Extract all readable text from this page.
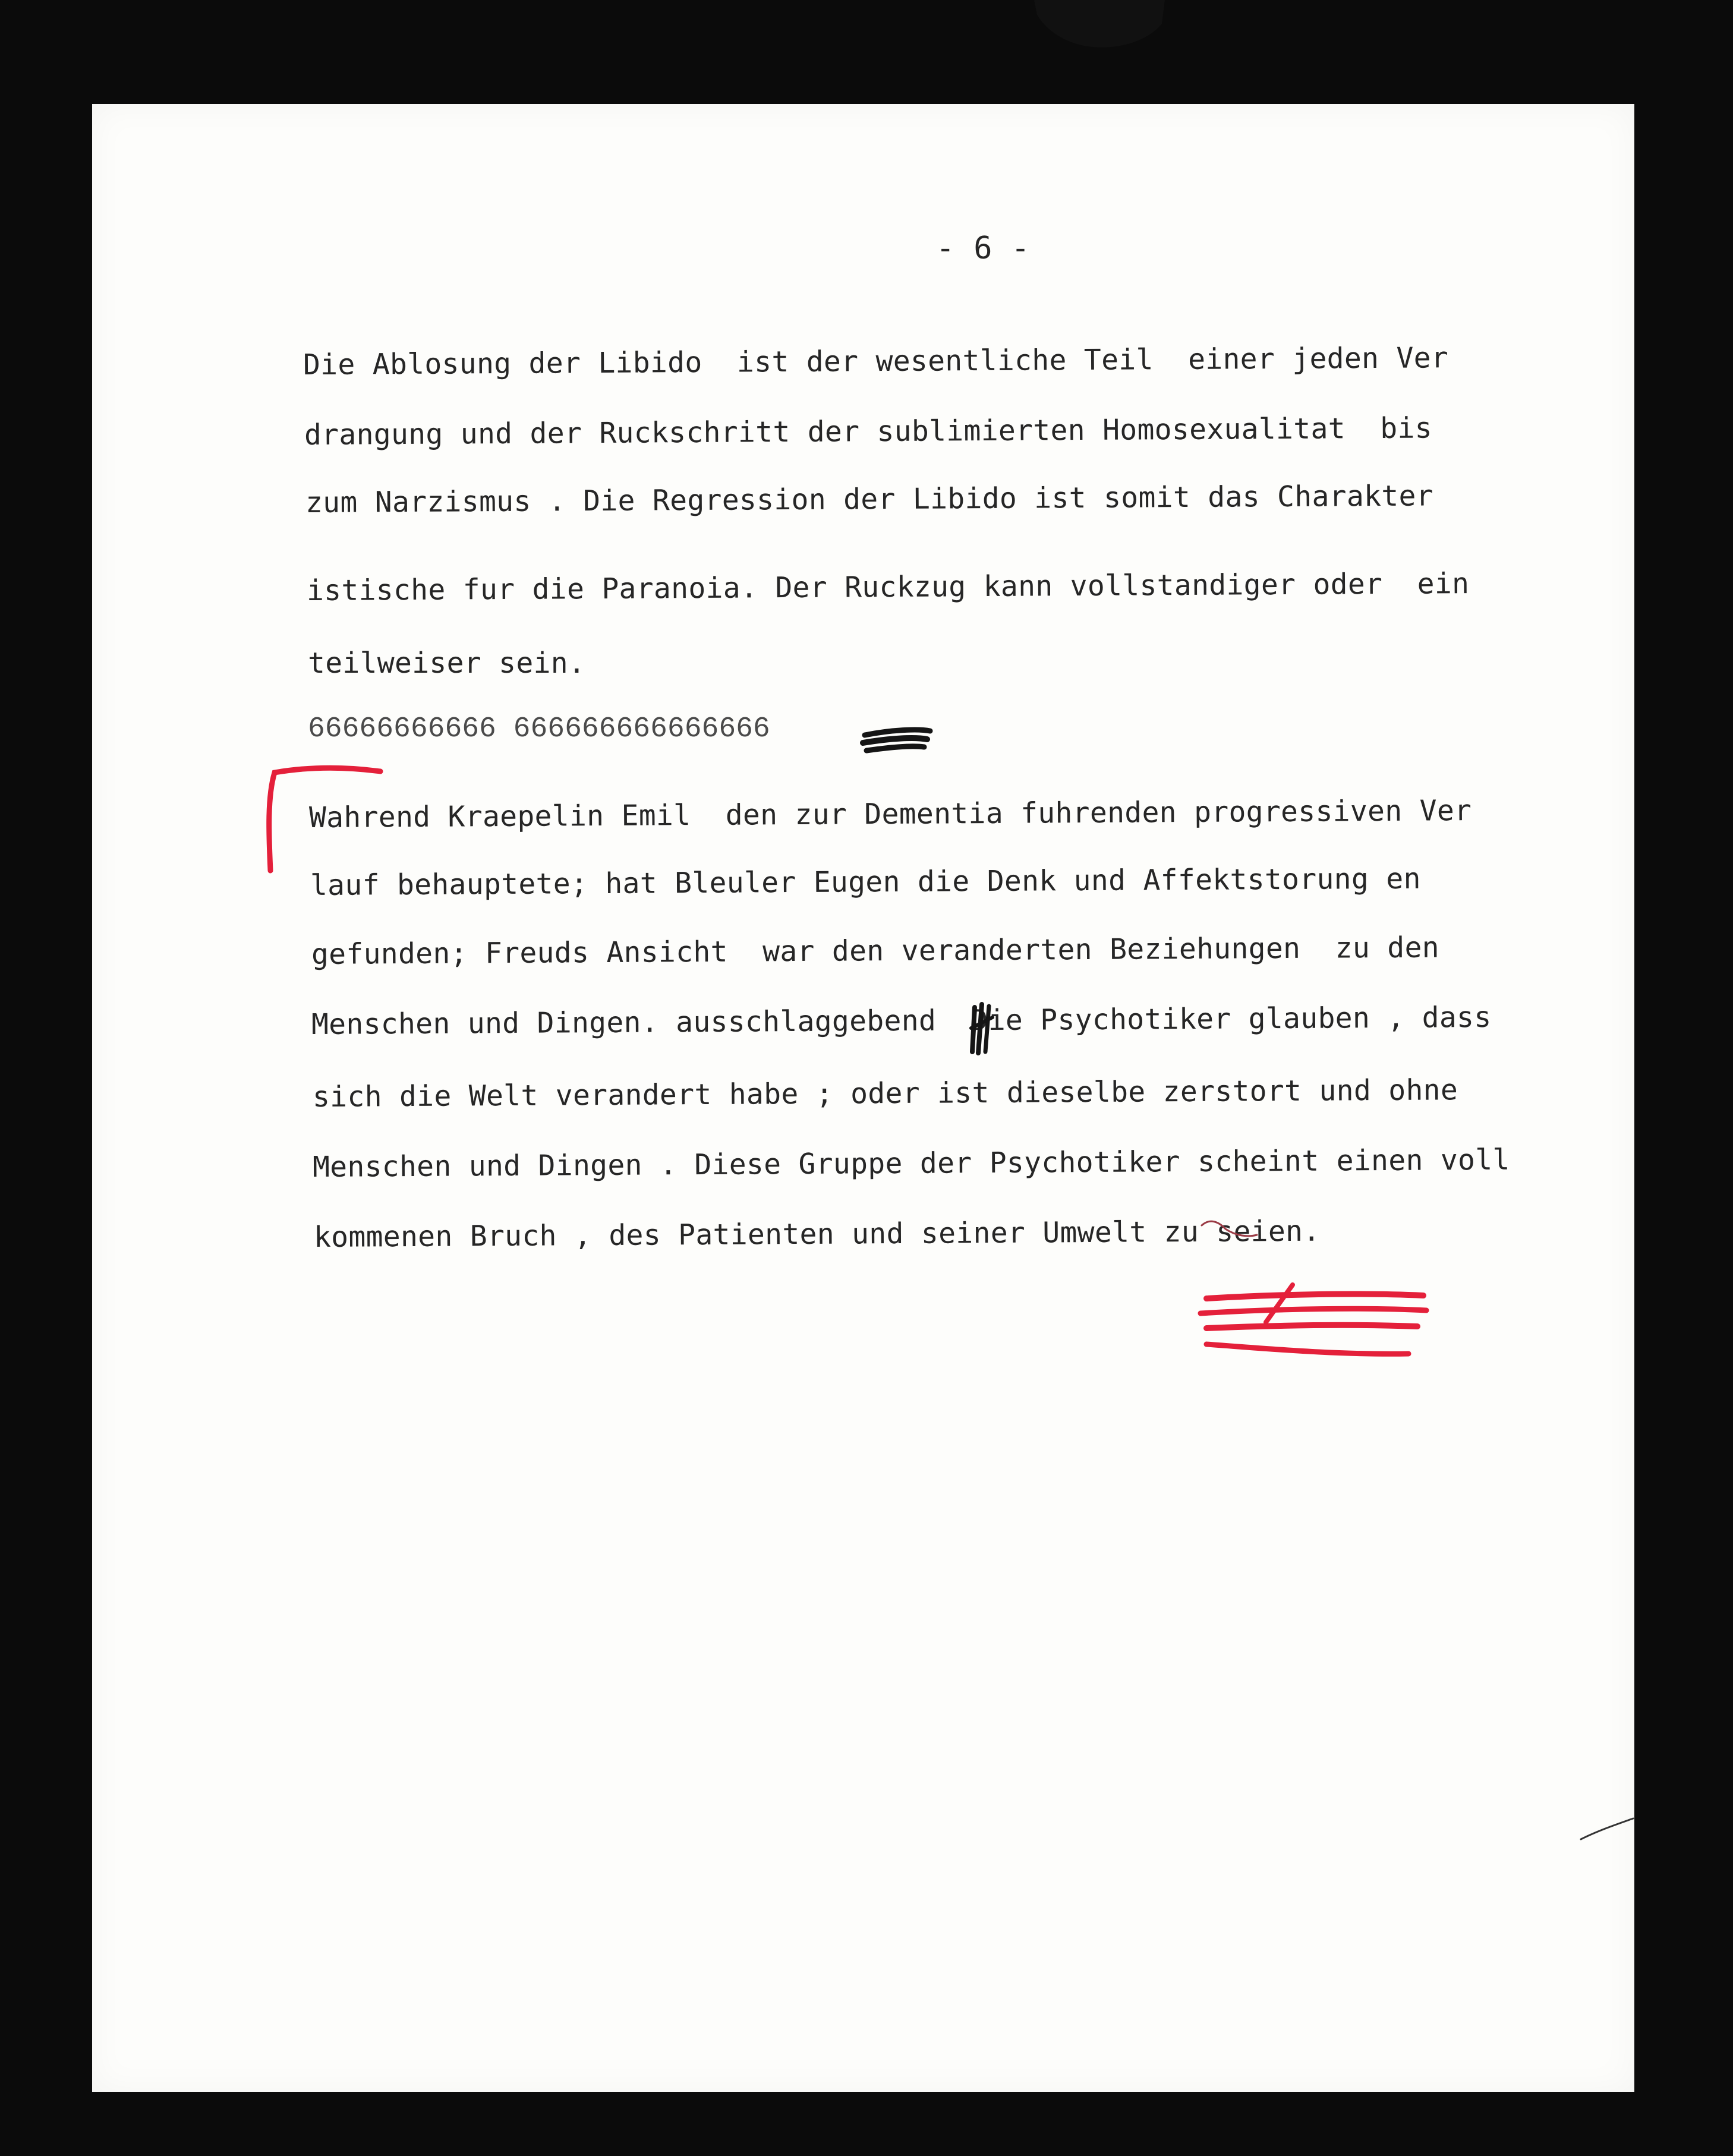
- 6 -

Die Ablosung der Libido  ist der wesentliche Teil  einer jeden Ver

drangung und der Ruckschritt der sublimierten Homosexualitat  bis

zum Narzismus . Die Regression der Libido ist somit das Charakter

istische fur die Paranoia. Der Ruckzug kann vollstandiger oder  ein

teilweiser sein.

66666666666 666666666666666

Wahrend Kraepelin Emil  den zur Dementia fuhrenden progressiven Ver

lauf behauptete; hat Bleuler Eugen die Denk und Affektstorung en

gefunden; Freuds Ansicht  war den veranderten Beziehungen  zu den

Menschen und Dingen. ausschlaggebend  Die Psychotiker glauben , dass

sich die Welt verandert habe ; oder ist dieselbe zerstort und ohne

Menschen und Dingen . Diese Gruppe der Psychotiker scheint einen voll

kommenen Bruch , des Patienten und seiner Umwelt zu seien.
